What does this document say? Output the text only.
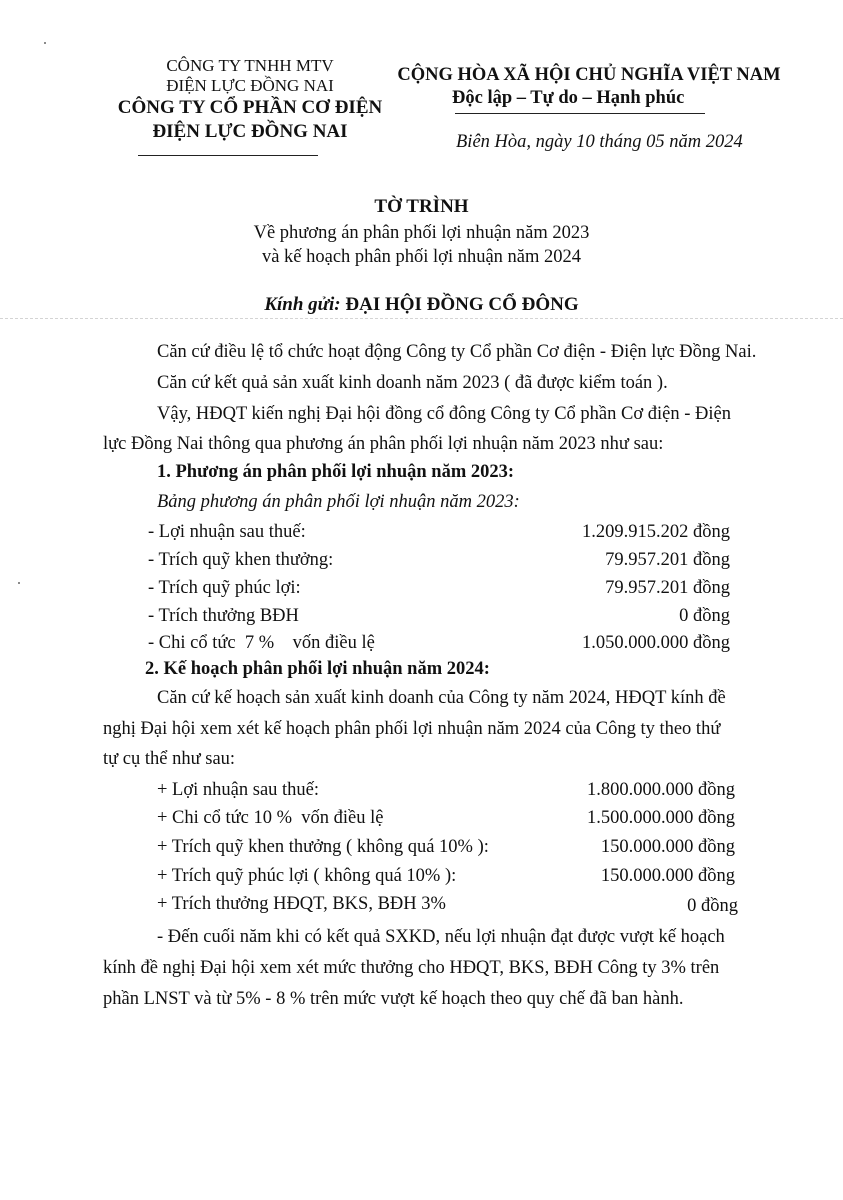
CÔNG TY TNHH MTV
ĐIỆN LỰC ĐỒNG NAI
CÔNG TY CỔ PHẦN CƠ ĐIỆN
ĐIỆN LỰC ĐỒNG NAI
CỘNG HÒA XÃ HỘI CHỦ NGHĨA VIỆT NAM
Độc lập – Tự do – Hạnh phúc
Biên Hòa, ngày 10 tháng 05 năm 2024
TỜ TRÌNH
Về phương án phân phối lợi nhuận năm 2023
và kế hoạch phân phối lợi nhuận năm 2024
Kính gửi: ĐẠI HỘI ĐỒNG CỔ ĐÔNG
Căn cứ điều lệ tổ chức hoạt động Công ty Cổ phần Cơ điện - Điện lực Đồng Nai.
Căn cứ kết quả sản xuất kinh doanh năm 2023 ( đã được kiểm toán ).
Vậy, HĐQT kiến nghị Đại hội đồng cổ đông Công ty Cổ phần Cơ điện - Điện
lực Đồng Nai thông qua phương án phân phối lợi nhuận năm 2023 như sau:
1. Phương án phân phối lợi nhuận năm 2023:
Bảng phương án phân phối lợi nhuận năm 2023:
- Lợi nhuận sau thuế:	1.209.915.202 đồng
- Trích quỹ khen thưởng:	79.957.201 đồng
- Trích quỹ phúc lợi:	79.957.201 đồng
- Trích thưởng BĐH	0 đồng
- Chi cổ tức  7 %    vốn điều lệ	1.050.000.000 đồng
2. Kế hoạch phân phối lợi nhuận năm 2024:
Căn cứ kế hoạch sản xuất kinh doanh của Công ty năm 2024, HĐQT kính đề
nghị Đại hội xem xét kế hoạch phân phối lợi nhuận năm 2024 của Công ty theo thứ
tự cụ thể như sau:
+ Lợi nhuận sau thuế:	1.800.000.000 đồng
+ Chi cổ tức 10 %  vốn điều lệ	1.500.000.000 đồng
+ Trích quỹ khen thưởng ( không quá 10% ):	150.000.000 đồng
+ Trích quỹ phúc lợi ( không quá 10% ):	150.000.000 đồng
+ Trích thưởng HĐQT, BKS, BĐH 3%	0 đồng
- Đến cuối năm khi có kết quả SXKD, nếu lợi nhuận đạt được vượt kế hoạch
kính đề nghị Đại hội xem xét mức thưởng cho HĐQT, BKS, BĐH Công ty 3% trên
phần LNST và từ 5% - 8 % trên mức vượt kế hoạch theo quy chế đã ban hành.
